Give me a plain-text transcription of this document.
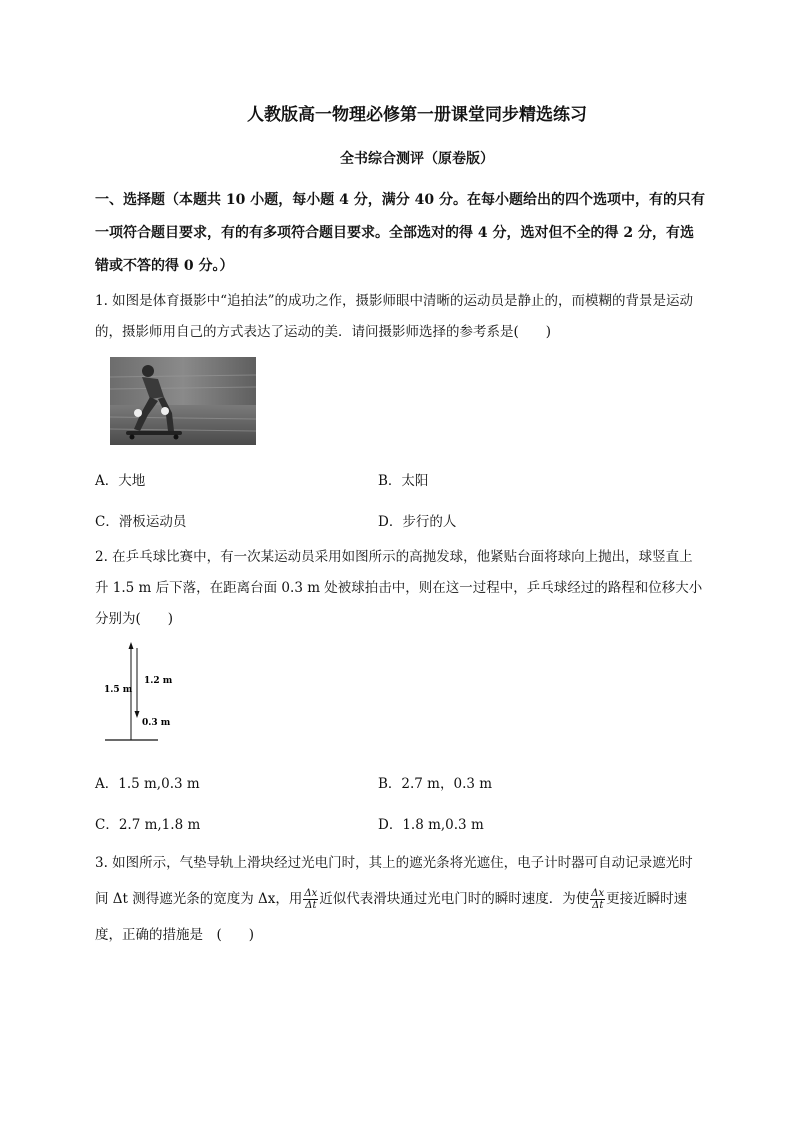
人教版高一物理必修第一册课堂同步精选练习
全书综合测评（原卷版）
一、选择题（本题共 10 小题，每小题 4 分，满分 40 分。在每小题给出的四个选项中，有的只有一项符合题目要求，有的有多项符合题目要求。全部选对的得 4 分，选对但不全的得 2 分，有选错或不答的得 0 分。）
1. 如图是体育摄影中“追拍法”的成功之作，摄影师眼中清晰的运动员是静止的，而模糊的背景是运动的，摄影师用自己的方式表达了运动的美．请问摄影师选择的参考系是(　　)
A．大地	B．太阳
C．滑板运动员	D．步行的人
2. 在乒乓球比赛中，有一次某运动员采用如图所示的高抛发球，他紧贴台面将球向上抛出，球竖直上升 1.5 m 后下落，在距离台面 0.3 m 处被球拍击中，则在这一过程中，乒乓球经过的路程和位移大小分别为(　　)
1.5 m
1.2 m
0.3 m
A．1.5 m,0.3 m	B．2.7 m，0.3 m
C．2.7 m,1.8 m	D．1.8 m,0.3 m
3. 如图所示，气垫导轨上滑块经过光电门时，其上的遮光条将光遮住，电子计时器可自动记录遮光时间 Δt 测得遮光条的宽度为 Δx，用 $\frac{\Delta x}{\Delta t}$ 近似代表滑块通过光电门时的瞬时速度．为使 $\frac{\Delta x}{\Delta t}$ 更接近瞬时速度，正确的措施是　(　　)
